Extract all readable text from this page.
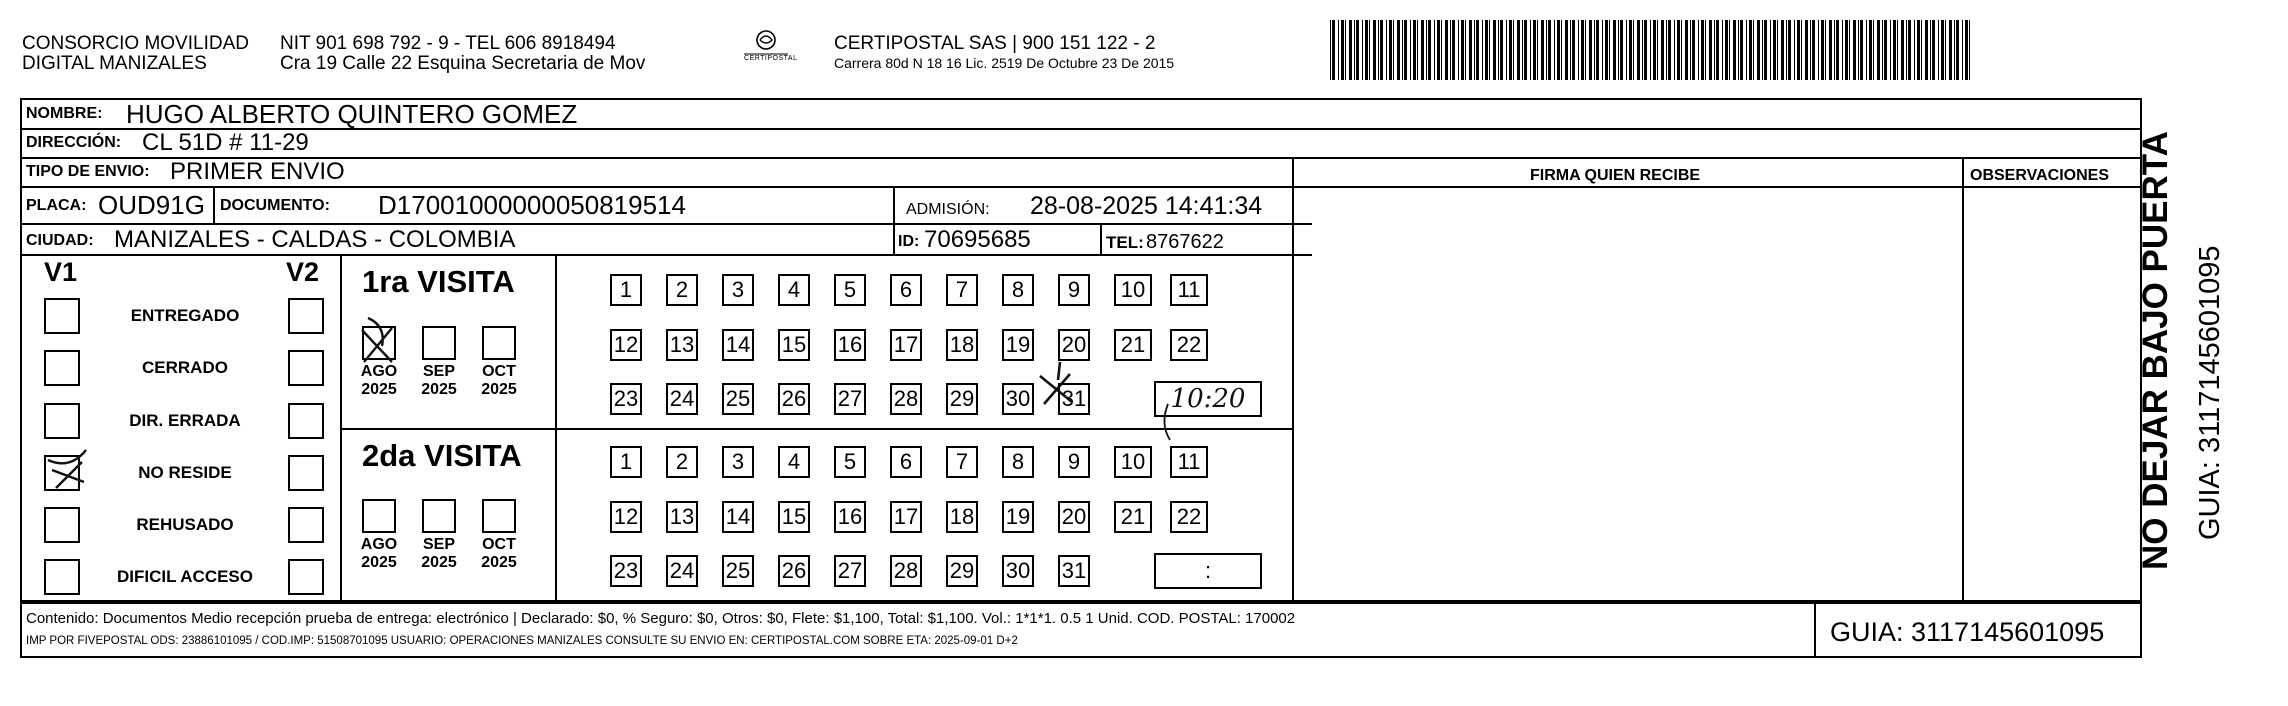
CONSORCIO MOVILIDAD
DIGITAL MANIZALES
NIT 901 698 792 - 9 - TEL 606 8918494
Cra 19 Calle 22 Esquina Secretaria de Mov	CERTIPOSTAL
CERTIPOSTAL SAS | 900 151 122 - 2
Carrera 80d N 18 16 Lic. 2519 De Octubre 23 De 2015
NOMBRE: HUGO ALBERTO QUINTERO GOMEZ
DIRECCIÓN: CL 51D # 11-29
TIPO DE ENVIO: PRIMER ENVIO	FIRMA QUIEN RECIBE	OBSERVACIONES
PLACA: OUD91G DOCUMENTO: D17001000000050819514	ADMISIÓN: 28-08-2025 14:41:34
CIUDAD: MANIZALES - CALDAS - COLOMBIA	ID: 70695685	TEL: 8767622
V1	V2
ENTREGADO
CERRADO
DIR. ERRADA
NO RESIDE
REHUSADO
DIFICIL ACCESO
1ra VISITA
AGO
2025
SEP
2025
OCT
2025
1	2	3	4	5	6	7	8	9	10	11
12 13 14 15 16 17 18 19 20	21	22
23 24 25 26 27 28 29 30 31	10:20
2da VISITA
AGO
2025
SEP
2025
OCT
2025
1	2	3	4	5	6	7	8	9	10	11
12 13 14 15 16 17 18 19 20	21	22
23 24 25 26 27 28 29 30 31	:
Contenido: Documentos Medio recepción prueba de entrega: electrónico | Declarado: $0, % Seguro: $0, Otros: $0, Flete: $1,100, Total: $1,100. Vol.: 1*1*1. 0.5 1 Unid. COD. POSTAL: 170002
IMP POR FIVEPOSTAL ODS: 23886101095 / COD.IMP: 51508701095 USUARIO: OPERACIONES MANIZALES CONSULTE SU ENVIO EN: CERTIPOSTAL.COM SOBRE ETA: 2025-09-01 D+2	GUIA: 3117145601095
NO DEJAR BAJO PUERTA GUIA: 3117145601095
